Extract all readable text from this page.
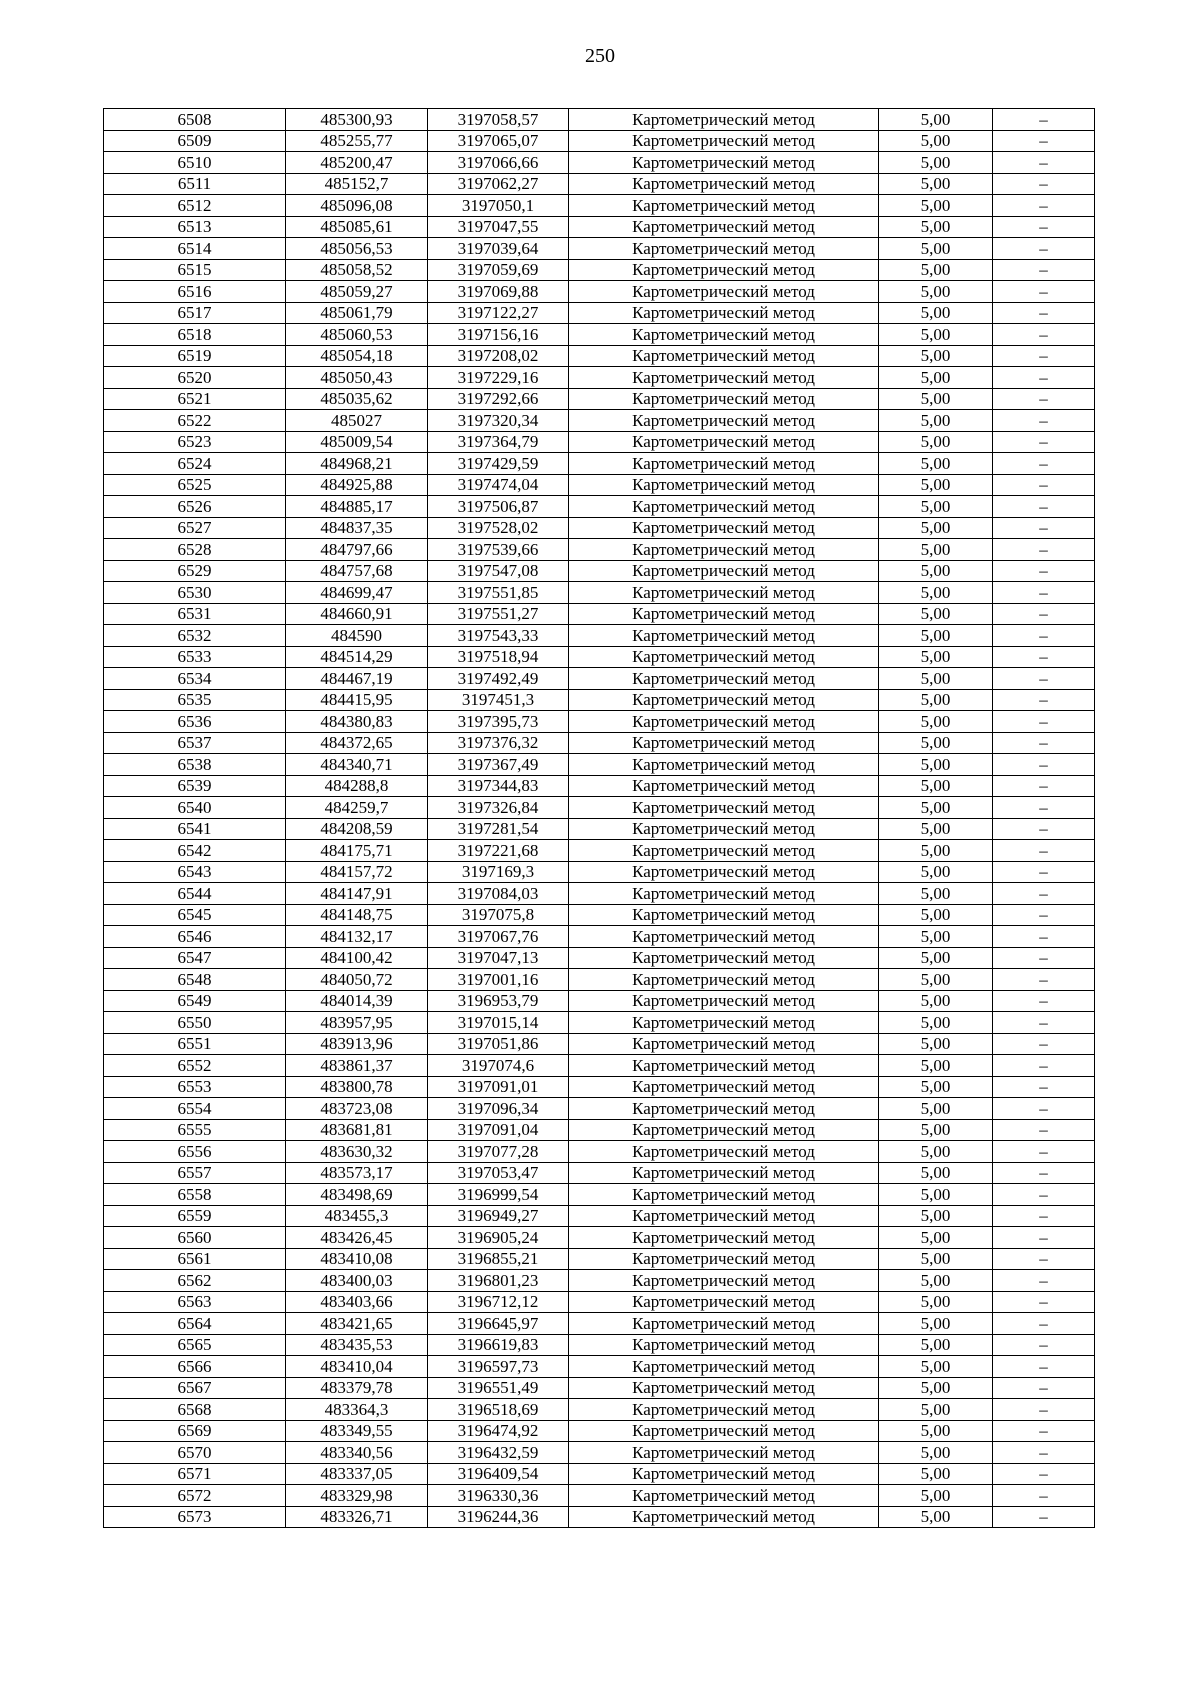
250
6508	485300,93	3197058,57	Картометрический метод	5,00	–
6509	485255,77	3197065,07	Картометрический метод	5,00	–
6510	485200,47	3197066,66	Картометрический метод	5,00	–
6511	485152,7	3197062,27	Картометрический метод	5,00	–
6512	485096,08	3197050,1	Картометрический метод	5,00	–
6513	485085,61	3197047,55	Картометрический метод	5,00	–
6514	485056,53	3197039,64	Картометрический метод	5,00	–
6515	485058,52	3197059,69	Картометрический метод	5,00	–
6516	485059,27	3197069,88	Картометрический метод	5,00	–
6517	485061,79	3197122,27	Картометрический метод	5,00	–
6518	485060,53	3197156,16	Картометрический метод	5,00	–
6519	485054,18	3197208,02	Картометрический метод	5,00	–
6520	485050,43	3197229,16	Картометрический метод	5,00	–
6521	485035,62	3197292,66	Картометрический метод	5,00	–
6522	485027	3197320,34	Картометрический метод	5,00	–
6523	485009,54	3197364,79	Картометрический метод	5,00	–
6524	484968,21	3197429,59	Картометрический метод	5,00	–
6525	484925,88	3197474,04	Картометрический метод	5,00	–
6526	484885,17	3197506,87	Картометрический метод	5,00	–
6527	484837,35	3197528,02	Картометрический метод	5,00	–
6528	484797,66	3197539,66	Картометрический метод	5,00	–
6529	484757,68	3197547,08	Картометрический метод	5,00	–
6530	484699,47	3197551,85	Картометрический метод	5,00	–
6531	484660,91	3197551,27	Картометрический метод	5,00	–
6532	484590	3197543,33	Картометрический метод	5,00	–
6533	484514,29	3197518,94	Картометрический метод	5,00	–
6534	484467,19	3197492,49	Картометрический метод	5,00	–
6535	484415,95	3197451,3	Картометрический метод	5,00	–
6536	484380,83	3197395,73	Картометрический метод	5,00	–
6537	484372,65	3197376,32	Картометрический метод	5,00	–
6538	484340,71	3197367,49	Картометрический метод	5,00	–
6539	484288,8	3197344,83	Картометрический метод	5,00	–
6540	484259,7	3197326,84	Картометрический метод	5,00	–
6541	484208,59	3197281,54	Картометрический метод	5,00	–
6542	484175,71	3197221,68	Картометрический метод	5,00	–
6543	484157,72	3197169,3	Картометрический метод	5,00	–
6544	484147,91	3197084,03	Картометрический метод	5,00	–
6545	484148,75	3197075,8	Картометрический метод	5,00	–
6546	484132,17	3197067,76	Картометрический метод	5,00	–
6547	484100,42	3197047,13	Картометрический метод	5,00	–
6548	484050,72	3197001,16	Картометрический метод	5,00	–
6549	484014,39	3196953,79	Картометрический метод	5,00	–
6550	483957,95	3197015,14	Картометрический метод	5,00	–
6551	483913,96	3197051,86	Картометрический метод	5,00	–
6552	483861,37	3197074,6	Картометрический метод	5,00	–
6553	483800,78	3197091,01	Картометрический метод	5,00	–
6554	483723,08	3197096,34	Картометрический метод	5,00	–
6555	483681,81	3197091,04	Картометрический метод	5,00	–
6556	483630,32	3197077,28	Картометрический метод	5,00	–
6557	483573,17	3197053,47	Картометрический метод	5,00	–
6558	483498,69	3196999,54	Картометрический метод	5,00	–
6559	483455,3	3196949,27	Картометрический метод	5,00	–
6560	483426,45	3196905,24	Картометрический метод	5,00	–
6561	483410,08	3196855,21	Картометрический метод	5,00	–
6562	483400,03	3196801,23	Картометрический метод	5,00	–
6563	483403,66	3196712,12	Картометрический метод	5,00	–
6564	483421,65	3196645,97	Картометрический метод	5,00	–
6565	483435,53	3196619,83	Картометрический метод	5,00	–
6566	483410,04	3196597,73	Картометрический метод	5,00	–
6567	483379,78	3196551,49	Картометрический метод	5,00	–
6568	483364,3	3196518,69	Картометрический метод	5,00	–
6569	483349,55	3196474,92	Картометрический метод	5,00	–
6570	483340,56	3196432,59	Картометрический метод	5,00	–
6571	483337,05	3196409,54	Картометрический метод	5,00	–
6572	483329,98	3196330,36	Картометрический метод	5,00	–
6573	483326,71	3196244,36	Картометрический метод	5,00	–
